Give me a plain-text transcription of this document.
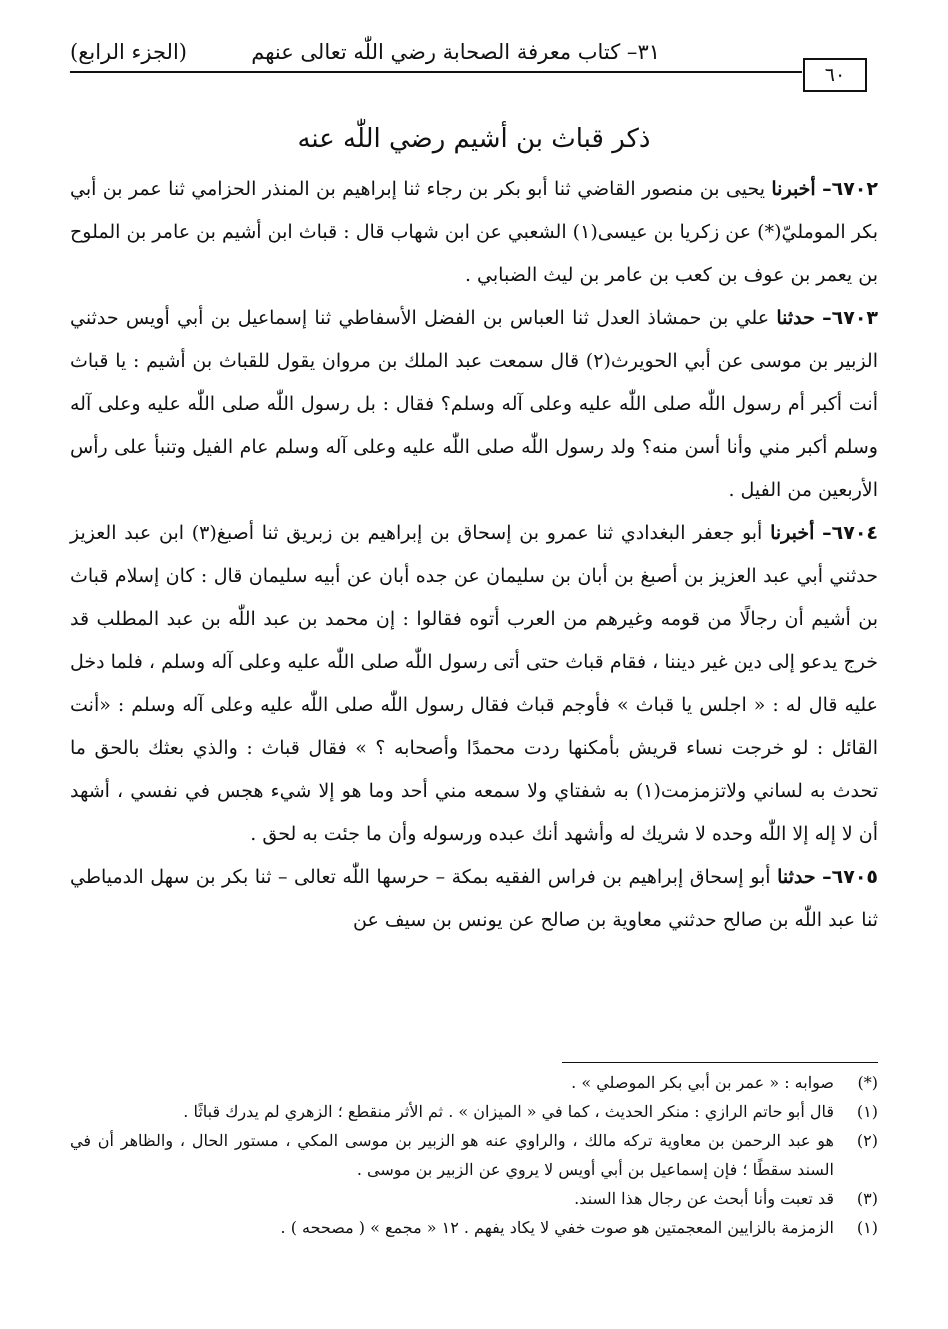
٣١– كتاب معرفة الصحابة رضي اللّٰه تعالى عنهم
(الجزء الرابع)
٦٠
ذكر قباث بن أشيم رضي اللّٰه عنه

٦٧٠٢– أخبرنا يحيى بن منصور القاضي ثنا أبو بكر بن رجاء ثنا إبراهيم بن المنذر الحزامي ثنا عمر بن أبي بكر المومليّ(*) عن زكريا بن عيسى(١) الشعبي عن ابن شهاب قال : قباث ابن أشيم بن عامر بن الملوح بن يعمر بن عوف بن كعب بن عامر بن ليث الضبابي .

٦٧٠٣– حدثنا علي بن حمشاذ العدل ثنا العباس بن الفضل الأسفاطي ثنا إسماعيل بن أبي أويس حدثني الزبير بن موسى عن أبي الحويرث(٢) قال سمعت عبد الملك بن مروان يقول للقباث بن أشيم : يا قباث أنت أكبر أم رسول اللّٰه صلى اللّٰه عليه وعلى آله وسلم؟ فقال : بل رسول اللّٰه صلى اللّٰه عليه وعلى آله وسلم أكبر مني وأنا أسن منه؟ ولد رسول اللّٰه صلى اللّٰه عليه وعلى آله وسلم عام الفيل وتنبأ على رأس الأربعين من الفيل .

٦٧٠٤– أخبرنا أبو جعفر البغدادي ثنا عمرو بن إسحاق بن إبراهيم بن زبريق ثنا أصبغ(٣) ابن عبد العزيز حدثني أبي عبد العزيز بن أصبغ بن أبان بن سليمان عن جده أبان عن أبيه سليمان قال : كان إسلام قباث بن أشيم أن رجالًا من قومه وغيرهم من العرب أتوه فقالوا : إن محمد بن عبد اللّٰه بن عبد المطلب قد خرج يدعو إلى دين غير ديننا ، فقام قباث حتى أتى رسول اللّٰه صلى اللّٰه عليه وعلى آله وسلم ، فلما دخل عليه قال له : « اجلس يا قباث » فأوجم قباث فقال رسول اللّٰه صلى اللّٰه عليه وعلى آله وسلم : «أنت القائل : لو خرجت نساء قريش بأمكنها ردت محمدًا وأصحابه ؟ » فقال قباث : والذي بعثك بالحق ما تحدث به لساني ولاتزمزمت(١) به شفتاي ولا سمعه مني أحد وما هو إلا شيء هجس في نفسي ، أشهد أن لا إله إلا اللّٰه وحده لا شريك له وأشهد أنك عبده ورسوله وأن ما جئت به لحق .

٦٧٠٥– حدثنا أبو إسحاق إبراهيم بن فراس الفقيه بمكة – حرسها اللّٰه تعالى – ثنا بكر بن سهل الدمياطي ثنا عبد اللّٰه بن صالح حدثني معاوية بن صالح عن يونس بن سيف عن

(*)
صوابه : « عمر بن أبي بكر الموصلي » .
(١)
قال أبو حاتم الرازي : منكر الحديث ، كما في « الميزان » . ثم الأثر منقطع ؛ الزهري لم يدرك قباثًا .
(٢)
هو عبد الرحمن بن معاوية تركه مالك ، والراوي عنه هو الزبير بن موسى المكي ، مستور الحال ، والظاهر أن في السند سقطًا ؛ فإن إسماعيل بن أبي أويس لا يروي عن الزبير بن موسى .
(٣)
قد تعبت وأنا أبحث عن رجال هذا السند.
(١)
الزمزمة بالزايين المعجمتين هو صوت خفي لا يكاد يفهم . ١٢ « مجمع » ( مصححه ) .
